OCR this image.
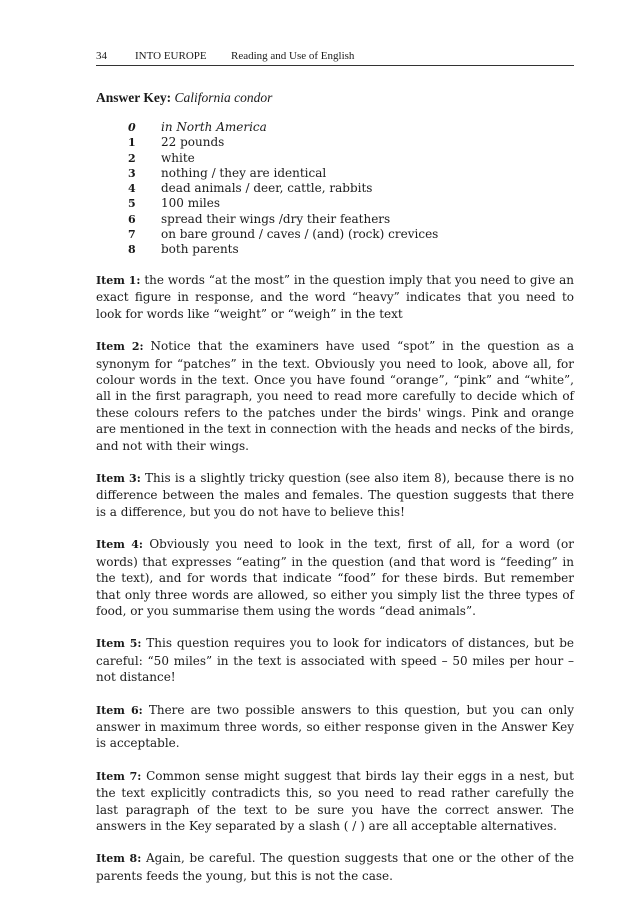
34	INTO EUROPE Reading and Use of English
Answer Key: California condor
0 in North America
1 22 pounds
2 white
3 nothing / they are identical
4 dead animals / deer, cattle, rabbits
5 100 miles
6 spread their wings /dry their feathers
7 on bare ground / caves / (and) (rock) crevices
8 both parents

Item 1: the words “at the most” in the question imply that you need to give an exact figure in response, and the word “heavy” indicates that you need to look for words like “weight” or “weigh” in the text

Item 2: Notice that the examiners have used “spot” in the question as a synonym for “patches” in the text. Obviously you need to look, above all, for colour words in the text. Once you have found “orange”, “pink” and “white”, all in the first paragraph, you need to read more carefully to decide which of these colours refers to the patches under the birds' wings. Pink and orange are mentioned in the text in connection with the heads and necks of the birds, and not with their wings.

Item 3: This is a slightly tricky question (see also item 8), because there is no difference between the males and females. The question suggests that there is a difference, but you do not have to believe this!

Item 4: Obviously you need to look in the text, first of all, for a word (or words) that expresses “eating” in the question (and that word is “feeding” in the text), and for words that indicate “food” for these birds. But remember that only three words are allowed, so either you simply list the three types of food, or you summarise them using the words “dead animals”.

Item 5: This question requires you to look for indicators of distances, but be careful: “50 miles” in the text is associated with speed – 50 miles per hour – not distance!

Item 6: There are two possible answers to this question, but you can only answer in maximum three words, so either response given in the Answer Key is acceptable.

Item 7: Common sense might suggest that birds lay their eggs in a nest, but the text explicitly contradicts this, so you need to read rather carefully the last paragraph of the text to be sure you have the correct answer. The answers in the Key separated by a slash ( / ) are all acceptable alternatives.

Item 8: Again, be careful. The question suggests that one or the other of the parents feeds the young, but this is not the case.
